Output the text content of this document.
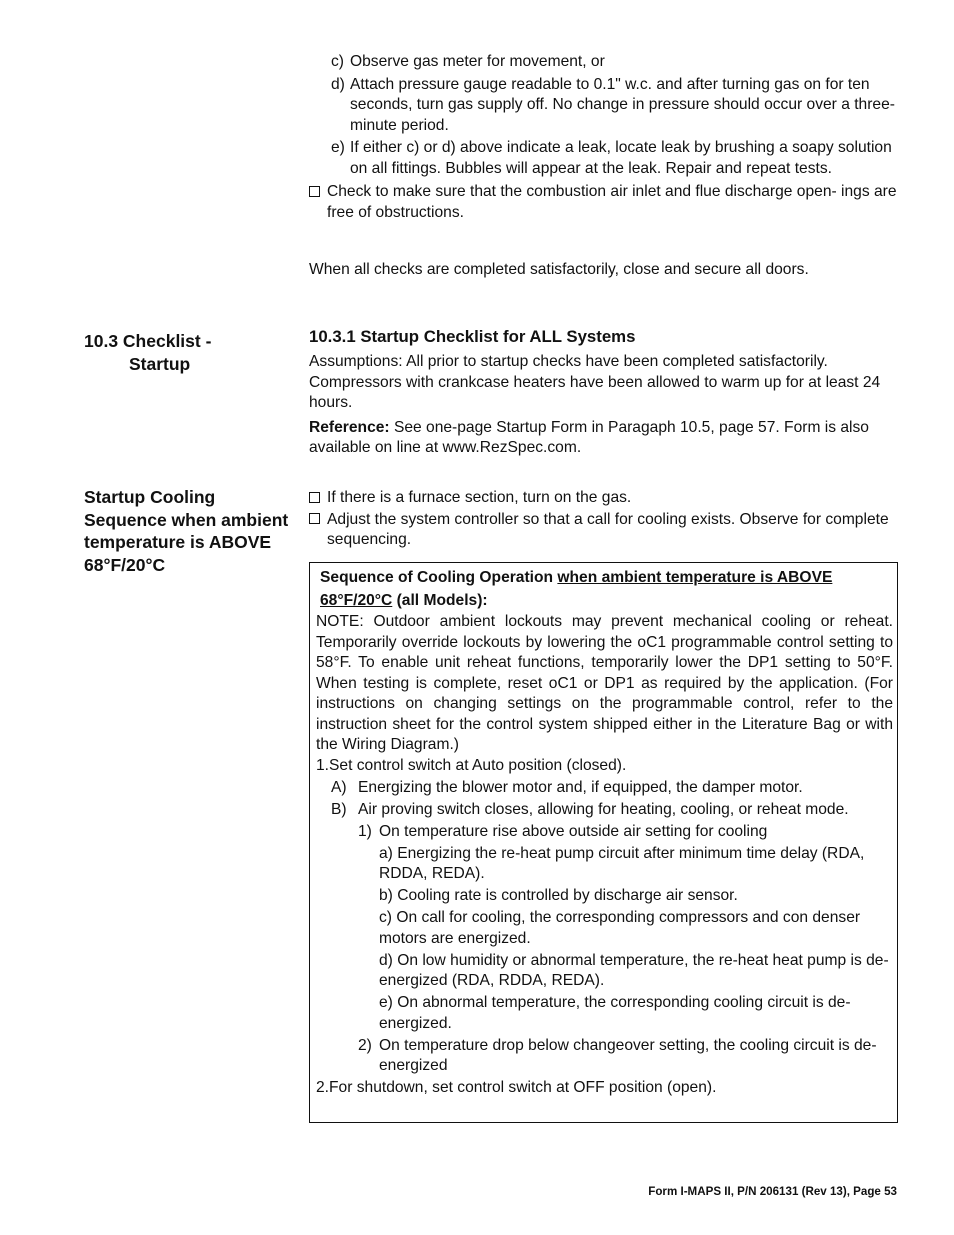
c) Observe gas meter for movement, or
d) Attach pressure gauge readable to 0.1" w.c. and after turning gas on for ten seconds, turn gas supply off. No change in pressure should occur over a three-minute period.
e) If either c) or d) above indicate a leak, locate leak by brushing a soapy solution on all fittings. Bubbles will appear at the leak. Repair and repeat tests.
Check to make sure that the combustion air inlet and flue discharge open- ings are free of obstructions.
When all checks are completed satisfactorily, close and secure all doors.
10.3 Checklist -
Startup
10.3.1 Startup Checklist for ALL Systems

Assumptions: All prior to startup checks have been completed satisfactorily. Compressors with crankcase heaters have been allowed to warm up for at least 24 hours.

Reference: See one-page Startup Form in Paragaph 10.5, page 57. Form is also available on line at www.RezSpec.com.

Startup Cooling Sequence when ambient temperature is ABOVE 68°F/20°C
If there is a furnace section, turn on the gas.
Adjust the system controller so that a call for cooling exists. Observe for complete sequencing.
Sequence of Cooling Operation when ambient temperature is ABOVE 68°F/20°C (all Models):

NOTE: Outdoor ambient lockouts may prevent mechanical cooling or reheat. Temporarily override lockouts by lowering the oC1 programmable control setting to 58°F. To enable unit reheat functions, temporarily lower the DP1 setting to 50°F. When testing is complete, reset oC1 or DP1 as required by the application. (For instructions on changing settings on the programmable control, refer to the instruction sheet for the control system shipped either in the Literature Bag or with the Wiring Diagram.)

1.Set control switch at Auto position (closed).
A) Energizing the blower motor and, if equipped, the damper motor.
B) Air proving switch closes, allowing for heating, cooling, or reheat mode.
1) On temperature rise above outside air setting for cooling
a) Energizing the re-heat pump circuit after minimum time delay (RDA, RDDA, REDA).
b) Cooling rate is controlled by discharge air sensor.
c) On call for cooling, the corresponding compressors and con denser motors are energized.
d) On low humidity or abnormal temperature, the re-heat heat pump is de-energized (RDA, RDDA, REDA).
e) On abnormal temperature, the corresponding cooling circuit is de-energized.
2) On temperature drop below changeover setting, the cooling circuit is de-energized
2.For shutdown, set control switch at OFF position (open).
Form I-MAPS II, P/N 206131 (Rev 13), Page 53
